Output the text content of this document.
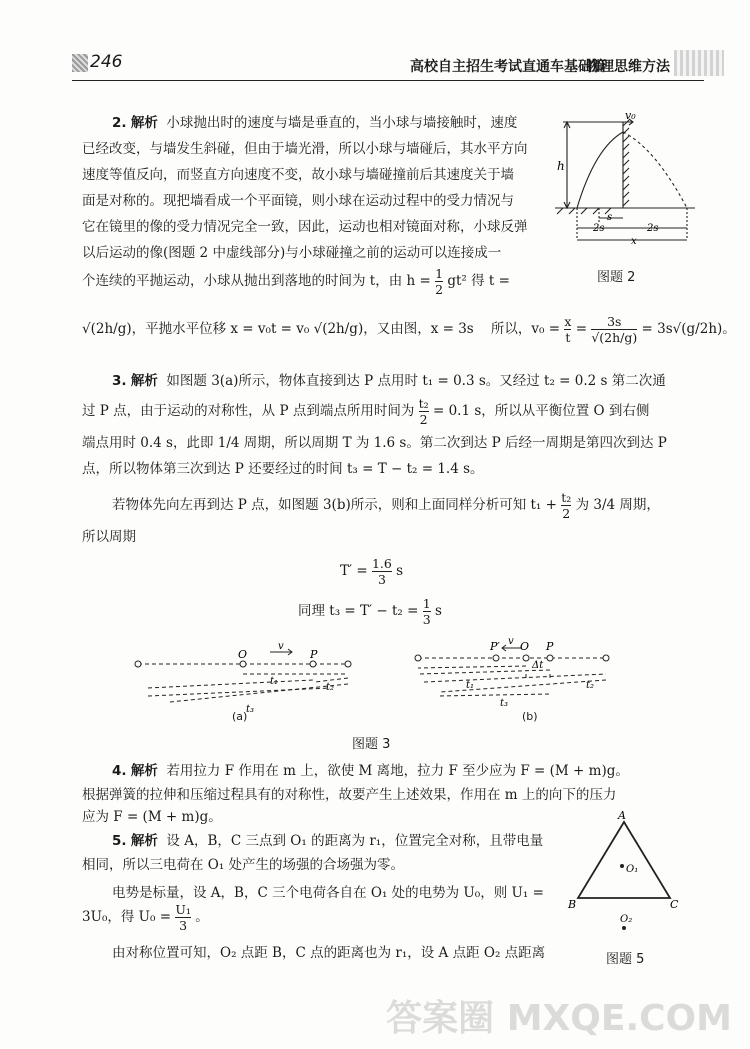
246	高校自主招生考试直通车基础篇
物理思维方法
2. 解析 小球抛出时的速度与墙是垂直的，当小球与墙接触时，速度
已经改变，与墙发生斜碰，但由于墙光滑，所以小球与墙碰后，其水平方向
速度等值反向，而竖直方向速度不变，故小球与墙碰撞前后其速度关于墙
面是对称的。现把墙看成一个平面镜，则小球在运动过程中的受力情况与
它在镜里的像的受力情况完全一致，因此，运动也相对镜面对称，小球反弹
以后运动的像(图题 2 中虚线部分)与小球碰撞之前的运动可以连接成一
个连续的平抛运动，小球从抛出到落地的时间为 t，由 $h = \frac{1}{2} gt^2$ 得 t =
√(2h/g)，平抛水平位移 x = v₀t = v₀ √(2h/g)，又由图，x = 3s 所以，$v_0 = \frac{x}{t} = \frac{3s}{√(2h/g)} = 3s√(g/2h)$。
v₀
h
s
2s	2s
x
图题 2
3. 解析 如图题 3(a)所示，物体直接到达 P 点用时 t₁ = 0.3 s。又经过 t₂ = 0.2 s 第二次通
过 P 点，由于运动的对称性，从 P 点到端点所用时间为 $\frac{\text{t₂}}{2} = 0.1$ s，所以从平衡位置 O 到右侧
端点用时 0.4 s，此即 1/4 周期，所以周期 T 为 1.6 s。第二次到达 P 后经一周期是第四次到达 P
点，所以物体第三次到达 P 还要经过的时间 t₃ = T − t₂ = 1.4 s。
若物体先向左再到达 P 点，如图题 3(b)所示，则和上面同样分析可知 $t_1 + \frac{\text{t₂}}{2}$ 为 3/4 周期，
所以周期
$T' = \frac{1.6}{3}$ s
同理 $t_3 = T' - t_2 = \frac{1}{3}$ s
O	P
v
t₁
t₂
t₃
(a)
P′ v O P
Δt
t₁	t₂
t₃
(b)
图题 3
4. 解析 若用拉力 F 作用在 m 上，欲使 M 离地，拉力 F 至少应为 F = (M + m)g。
根据弹簧的拉伸和压缩过程具有的对称性，故要产生上述效果，作用在 m 上的向下的压力
应为 F = (M + m)g。
5. 解析 设 A，B，C 三点到 O₁ 的距离为 r₁，位置完全对称，且带电量
相同，所以三电荷在 O₁ 处产生的场强的合场强为零。
电势是标量，设 A，B，C 三个电荷各自在 O₁ 处的电势为 U₀，则 U₁ =
3U₀，得 $U_0 = \frac{\text{U₁}}{3}$ 。
由对称位置可知，O₂ 点距 B，C 点的距离也为 r₁，设 A 点距 O₂ 点距离
A
B	C
O₁
O₂
图题 5
答案圈 MXQE.COM
